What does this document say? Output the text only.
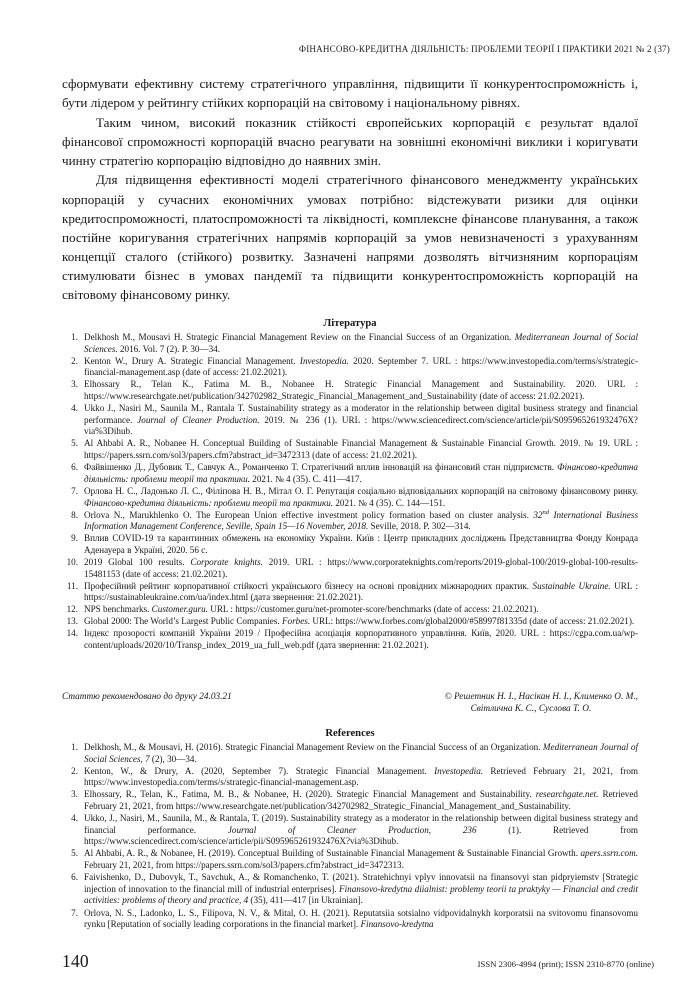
ФІНАНСОВО-КРЕДИТНА ДІЯЛЬНІСТЬ: ПРОБЛЕМИ ТЕОРІЇ І ПРАКТИКИ 2021 № 2 (37)

сформувати ефективну систему стратегічного управління, підвищити її конкурентоспроможність і, бути лідером у рейтингу стійких корпорацій на світовому і національному рівнях.

Таким чином, високий показник стійкості європейських корпорацій є результат вдалої фінансової спроможності корпорацій вчасно реагувати на зовнішні економічні виклики і коригувати чинну стратегію корпорацію відповідно до наявних змін.

Для підвищення ефективності моделі стратегічного фінансового менеджменту українських корпорацій у сучасних економічних умовах потрібно: відстежувати ризики для оцінки кредитоспроможності, платоспроможності та ліквідності, комплексне фінансове планування, а також постійне коригування стратегічних напрямів корпорацій за умов невизначеності з урахуванням концепції сталого (стійкого) розвитку. Зазначені напрями дозволять вітчизняним корпораціям стимулювати бізнес в умовах пандемії та підвищити конкурентоспроможність корпорацій на світовому фінансовому ринку.

Література
1. Delkhosh M., Mousavi H. Strategic Financial Management Review on the Financial Success of an Organization. Mediterranean Journal of Social Sciences. 2016. Vol. 7 (2). P. 30—34.
2. Kenton W., Drury A. Strategic Financial Management. Investopedia. 2020. September 7. URL : https://www.investopedia.com/terms/s/strategic-financial-management.asp (date of access: 21.02.2021).
3. Elhossary R., Telan K., Fatima M. B., Nobanee H. Strategic Financial Management and Sustainability. 2020. URL : https://www.researchgate.net/publication/342702982_Strategic_Financial_Management_and_Sustainability (date of access: 21.02.2021).
4. Ukko J., Nasiri M., Saunila M., Rantala T. Sustainability strategy as a moderator in the relationship between digital business strategy and financial performance. Journal of Cleaner Production. 2019. № 236 (1). URL : https://www.sciencedirect.com/science/article/pii/S095965261932476X?via%3Dihub.
5. Al Ahbabi A. R., Nobanee H. Conceptual Building of Sustainable Financial Management & Sustainable Financial Growth. 2019. № 19. URL : https://papers.ssrn.com/sol3/papers.cfm?abstract_id=3472313 (date of access: 21.02.2021).
6. Файвішенко Д., Дубовик Т., Савчук А., Романченко Т. Стратегічний вплив інновацій на фінансовий стан підприємств. Фінансово-кредитна діяльність: проблеми теорії та практики. 2021. № 4 (35). С. 411—417.
7. Орлова Н. С., Ладонько Л. С., Філіпова Н. В., Мітал О. Г. Репутація соціально відповідальних корпорацій на світовому фінансовому ринку. Фінансово-кредитна діяльність: проблеми теорії та практики. 2021. № 4 (35). С. 144—151.
8. Orlova N., Marukhlenko O. The European Union effective investment policy formation based on cluster analysis. 32nd International Business Information Management Conference, Seville, Spain 15—16 November, 2018. Seville, 2018. P. 302—314.
9. Вплив COVID-19 та карантинних обмежень на економіку України. Київ : Центр прикладних досліджень Представництва Фонду Конрада Аденауера в Україні, 2020. 56 с.
10. 2019 Global 100 results. Corporate knights. 2019. URL : https://www.corporateknights.com/reports/2019-global-100/2019-global-100-results-15481153 (date of access: 21.02.2021).
11. Професійний рейтинг корпоративної стійкості українського бізнесу на основі провідних міжнародних практик. Sustainable Ukraine. URL : https://sustainableukraine.com/ua/index.html (дата звернення: 21.02.2021).
12. NPS benchmarks. Customer.guru. URL : https://customer.guru/net-promoter-score/benchmarks (date of access: 21.02.2021).
13. Global 2000: The World’s Largest Public Companies. Forbes. URL: https://www.forbes.com/global2000/#58997f81335d (date of access: 21.02.2021).
14. Індекс прозорості компаній України 2019 / Професійна асоціація корпоративного управління. Київ, 2020. URL : https://cgpa.com.ua/wp-content/uploads/2020/10/Transp_index_2019_ua_full_web.pdf (дата звернення: 21.02.2021).
Статтю рекомендовано до друку 24.03.21	© Решетник Н. І., Насікан Н. І., Клименко О. М.,
Світлична К. С., Суслова Т. О.
References
1. Delkhosh, M., & Mousavi, H. (2016). Strategic Financial Management Review on the Financial Success of an Organization. Mediterranean Journal of Social Sciences, 7 (2), 30—34.
2. Kenton, W., & Drury, A. (2020, September 7). Strategic Financial Management. Investopedia. Retrieved February 21, 2021, from https://www.investopedia.com/terms/s/strategic-financial-management.asp.
3. Elhossary, R., Telan, K., Fatima, M. B., & Nobanee, H. (2020). Strategic Financial Management and Sustainability. researchgate.net. Retrieved February 21, 2021, from https://www.researchgate.net/publication/342702982_Strategic_Financial_Management_and_Sustainability.
4. Ukko, J., Nasiri, M., Saunila, M., & Rantala, T. (2019). Sustainability strategy as a moderator in the relationship between digital business strategy and financial performance. Journal of Cleaner Production, 236 (1). Retrieved from https://www.sciencedirect.com/science/article/pii/S095965261932476X?via%3Dihub.
5. Al Ahbabi, A. R., & Nobanee, H. (2019). Conceptual Building of Sustainable Financial Management & Sustainable Financial Growth. apers.ssrn.com. February 21, 2021, from https://papers.ssrn.com/sol3/papers.cfm?abstract_id=3472313.
6. Faivishenko, D., Dubovyk, T., Savchuk, A., & Romanchenko, T. (2021). Stratehichnyi vplyv innovatsii na finansovyi stan pidpryiemstv [Strategic injection of innovation to the financial mill of industrial enterprises]. Finansovo-kredytna diialnist: problemy teorii ta praktyky — Financial and credit activities: problems of theory and practice, 4 (35), 411—417 [in Ukrainian].
7. Orlova, N. S., Ladonko, L. S., Filipova, N. V., & Mital, O. H. (2021). Reputatsiia sotsialno vidpovidalnykh korporatsii na svitovomu finansovomu rynku [Reputation of socially leading corporations in the financial market]. Finansovo-kredytna
140	ISSN 2306-4994 (print); ISSN 2310-8770 (online)
